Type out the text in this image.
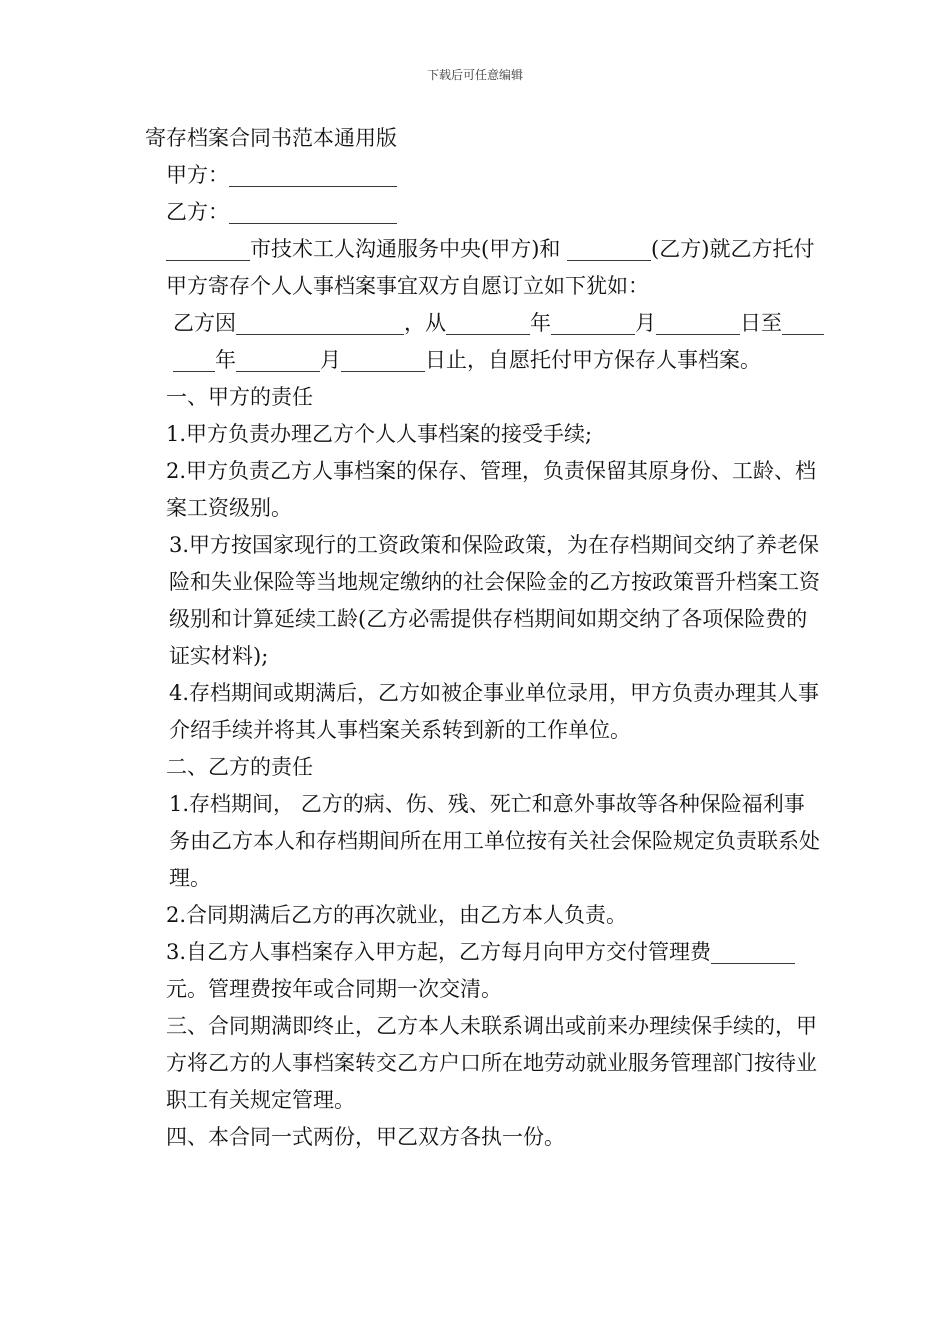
下载后可任意编辑

寄存档案合同书范本通用版

甲方：________________

乙方：________________

________市技术工人沟通服务中央(甲方)和 ________(乙方)就乙方托付甲方寄存个人人事档案事宜双方自愿订立如下犹如：

乙方因________________，从________年________月________日至________年________月________日止，自愿托付甲方保存人事档案。

一、甲方的责任

1.甲方负责办理乙方个人人事档案的接受手续;

2.甲方负责乙方人事档案的保存、管理，负责保留其原身份、工龄、档案工资级别。

3.甲方按国家现行的工资政策和保险政策，为在存档期间交纳了养老保险和失业保险等当地规定缴纳的社会保险金的乙方按政策晋升档案工资级别和计算延续工龄(乙方必需提供存档期间如期交纳了各项保险费的证实材料);

4.存档期间或期满后，乙方如被企事业单位录用，甲方负责办理其人事介绍手续并将其人事档案关系转到新的工作单位。

二、乙方的责任

1.存档期间， 乙方的病、伤、残、死亡和意外事故等各种保险福利事务由乙方本人和存档期间所在用工单位按有关社会保险规定负责联系处理。

2.合同期满后乙方的再次就业，由乙方本人负责。

3.自乙方人事档案存入甲方起，乙方每月向甲方交付管理费________元。管理费按年或合同期一次交清。

三、合同期满即终止，乙方本人未联系调出或前来办理续保手续的，甲方将乙方的人事档案转交乙方户口所在地劳动就业服务管理部门按待业职工有关规定管理。

四、本合同一式两份，甲乙双方各执一份。
